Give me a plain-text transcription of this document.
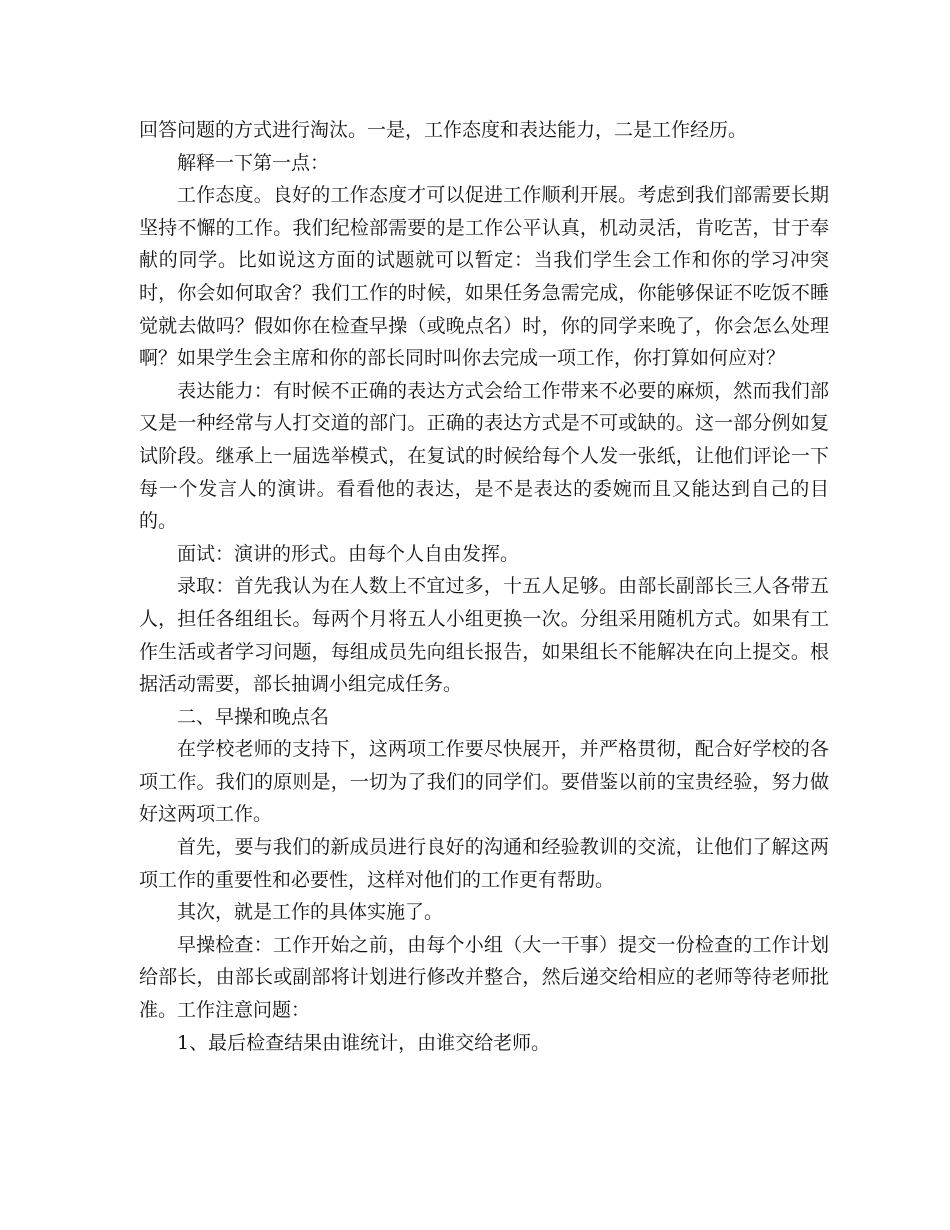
回答问题的方式进行淘汰。一是，工作态度和表达能力，二是工作经历。

解释一下第一点：

工作态度。良好的工作态度才可以促进工作顺利开展。考虑到我们部需要长期坚持不懈的工作。我们纪检部需要的是工作公平认真，机动灵活，肯吃苦，甘于奉献的同学。比如说这方面的试题就可以暂定：当我们学生会工作和你的学习冲突时，你会如何取舍？我们工作的时候，如果任务急需完成，你能够保证不吃饭不睡觉就去做吗？假如你在检查早操（或晚点名）时，你的同学来晚了，你会怎么处理啊？如果学生会主席和你的部长同时叫你去完成一项工作，你打算如何应对？

表达能力：有时候不正确的表达方式会给工作带来不必要的麻烦，然而我们部又是一种经常与人打交道的部门。正确的表达方式是不可或缺的。这一部分例如复试阶段。继承上一届选举模式，在复试的时候给每个人发一张纸，让他们评论一下每一个发言人的演讲。看看他的表达，是不是表达的委婉而且又能达到自己的目的。

面试：演讲的形式。由每个人自由发挥。

录取：首先我认为在人数上不宜过多，十五人足够。由部长副部长三人各带五人，担任各组组长。每两个月将五人小组更换一次。分组采用随机方式。如果有工作生活或者学习问题，每组成员先向组长报告，如果组长不能解决在向上提交。根据活动需要，部长抽调小组完成任务。

二、早操和晚点名

在学校老师的支持下，这两项工作要尽快展开，并严格贯彻，配合好学校的各项工作。我们的原则是，一切为了我们的同学们。要借鉴以前的宝贵经验，努力做好这两项工作。

首先，要与我们的新成员进行良好的沟通和经验教训的交流，让他们了解这两项工作的重要性和必要性，这样对他们的工作更有帮助。

其次，就是工作的具体实施了。

早操检查：工作开始之前，由每个小组（大一干事）提交一份检查的工作计划给部长，由部长或副部将计划进行修改并整合，然后递交给相应的老师等待老师批准。工作注意问题：

1、最后检查结果由谁统计，由谁交给老师。
